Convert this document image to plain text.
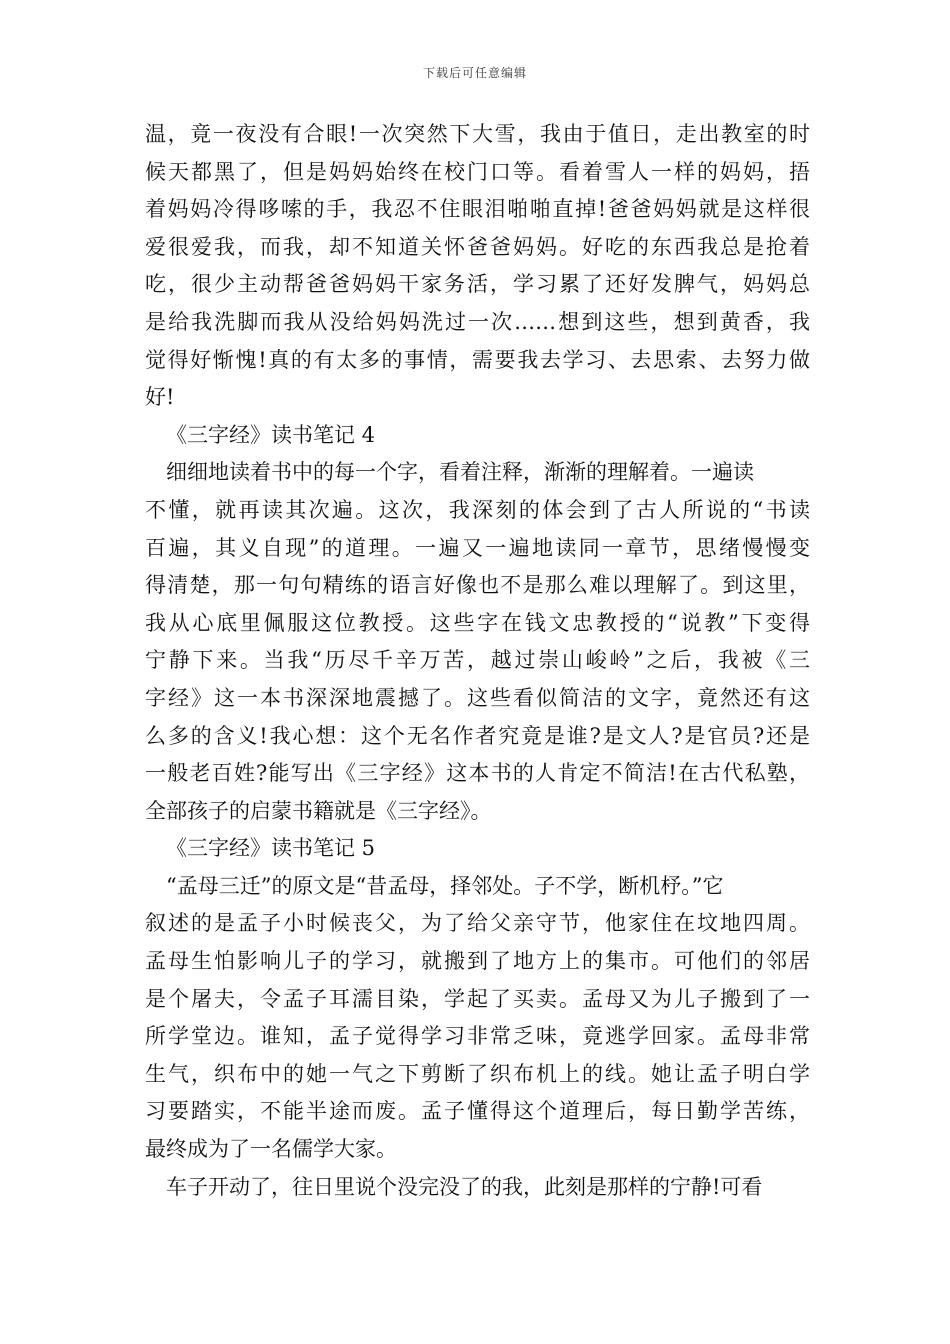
下载后可任意编辑
温，竟一夜没有合眼!一次突然下大雪，我由于值日，走出教室的时
候天都黑了，但是妈妈始终在校门口等。看着雪人一样的妈妈，捂
着妈妈冷得哆嗦的手，我忍不住眼泪啪啪直掉!爸爸妈妈就是这样很
爱很爱我，而我，却不知道关怀爸爸妈妈。好吃的东西我总是抢着
吃，很少主动帮爸爸妈妈干家务活，学习累了还好发脾气，妈妈总
是给我洗脚而我从没给妈妈洗过一次……想到这些，想到黄香，我
觉得好惭愧!真的有太多的事情，需要我去学习、去思索、去努力做
好!
《三字经》读书笔记 4
细细地读着书中的每一个字，看着注释，渐渐的理解着。一遍读
不懂，就再读其次遍。这次，我深刻的体会到了古人所说的“书读
百遍，其义自现”的道理。一遍又一遍地读同一章节，思绪慢慢变
得清楚，那一句句精练的语言好像也不是那么难以理解了。到这里，
我从心底里佩服这位教授。这些字在钱文忠教授的“说教”下变得
宁静下来。当我“历尽千辛万苦，越过崇山峻岭”之后，我被《三
字经》这一本书深深地震撼了。这些看似简洁的文字，竟然还有这
么多的含义!我心想：这个无名作者究竟是谁?是文人?是官员?还是
一般老百姓?能写出《三字经》这本书的人肯定不简洁!在古代私塾，
全部孩子的启蒙书籍就是《三字经》。
《三字经》读书笔记 5
“孟母三迁”的原文是“昔孟母，择邻处。子不学，断机杼。”它
叙述的是孟子小时候丧父，为了给父亲守节，他家住在坟地四周。
孟母生怕影响儿子的学习，就搬到了地方上的集市。可他们的邻居
是个屠夫，令孟子耳濡目染，学起了买卖。孟母又为儿子搬到了一
所学堂边。谁知，孟子觉得学习非常乏味，竟逃学回家。孟母非常
生气，织布中的她一气之下剪断了织布机上的线。她让孟子明白学
习要踏实，不能半途而废。孟子懂得这个道理后，每日勤学苦练，
最终成为了一名儒学大家。
车子开动了，往日里说个没完没了的我，此刻是那样的宁静!可看
